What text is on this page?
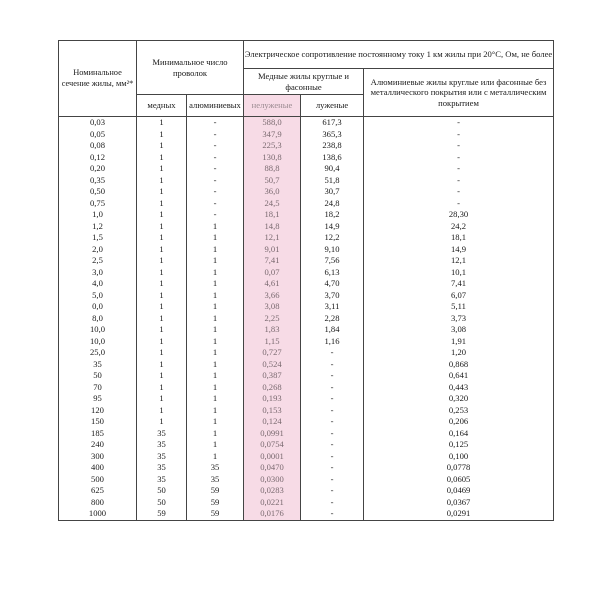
Номинальное сечение жилы, мм²*	Минимальное число проволок		Электрическое сопротивление постоянному току 1 км жилы при 20°С, Ом, не более		
			Медные жилы круглые и фасонные		Алюминиевые жилы круглые или фасонные без металлического покрытия или с металлическим покрытием
	медных	алюминиевых	нелуженые	луженые	
0,03	1	-	588,0	617,3	-
0,05	1	-	347,9	365,3	-
0,08	1	-	225,3	238,8	-
0,12	1	-	130,8	138,6	-
0,20	1	-	88,8	90,4	-
0,35	1	-	50,7	51,8	-
0,50	1	-	36,0	30,7	-
0,75	1	-	24,5	24,8	-
1,0	1	-	18,1	18,2	28,30
1,2	1	1	14,8	14,9	24,2
1,5	1	1	12,1	12,2	18,1
2,0	1	1	9,01	9,10	14,9
2,5	1	1	7,41	7,56	12,1
3,0	1	1	0,07	6,13	10,1
4,0	1	1	4,61	4,70	7,41
5,0	1	1	3,66	3,70	6,07
0,0	1	1	3,08	3,11	5,11
8,0	1	1	2,25	2,28	3,73
10,0	1	1	1,83	1,84	3,08
10,0	1	1	1,15	1,16	1,91
25,0	1	1	0,727	-	1,20
35	1	1	0,524	-	0,868
50	1	1	0,387	-	0,641
70	1	1	0,268	-	0,443
95	1	1	0,193	-	0,320
120	1	1	0,153	-	0,253
150	1	1	0,124	-	0,206
185	35	1	0,0991	-	0,164
240	35	1	0,0754	-	0,125
300	35	1	0,0001	-	0,100
400	35	35	0,0470	-	0,0778
500	35	35	0,0300	-	0,0605
625	50	59	0,0283	-	0,0469
800	50	59	0,0221	-	0,0367
1000	59	59	0,0176	-	0,0291
